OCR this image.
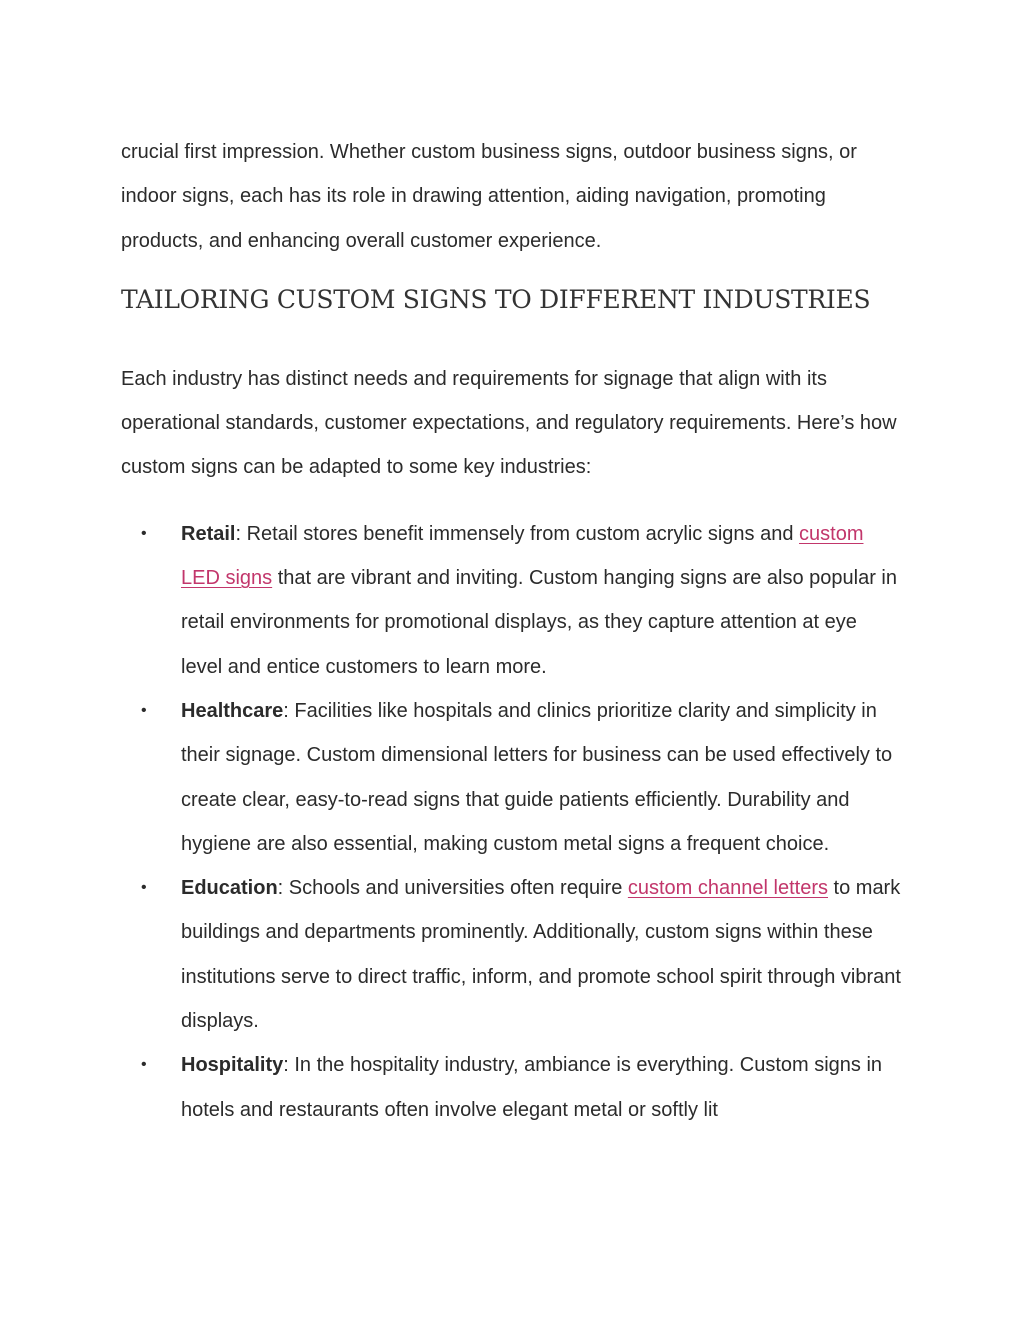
crucial first impression. Whether custom business signs, outdoor business signs, or indoor signs, each has its role in drawing attention, aiding navigation, promoting products, and enhancing overall customer experience.

TAILORING CUSTOM SIGNS TO DIFFERENT INDUSTRIES

Each industry has distinct needs and requirements for signage that align with its operational standards, customer expectations, and regulatory requirements. Here’s how custom signs can be adapted to some key industries:

• Retail: Retail stores benefit immensely from custom acrylic signs and custom LED signs that are vibrant and inviting. Custom hanging signs are also popular in retail environments for promotional displays, as they capture attention at eye level and entice customers to learn more.
• Healthcare: Facilities like hospitals and clinics prioritize clarity and simplicity in their signage. Custom dimensional letters for business can be used effectively to create clear, easy-to-read signs that guide patients efficiently. Durability and hygiene are also essential, making custom metal signs a frequent choice.
• Education: Schools and universities often require custom channel letters to mark buildings and departments prominently. Additionally, custom signs within these institutions serve to direct traffic, inform, and promote school spirit through vibrant displays.
• Hospitality: In the hospitality industry, ambiance is everything. Custom signs in hotels and restaurants often involve elegant metal or softly lit
